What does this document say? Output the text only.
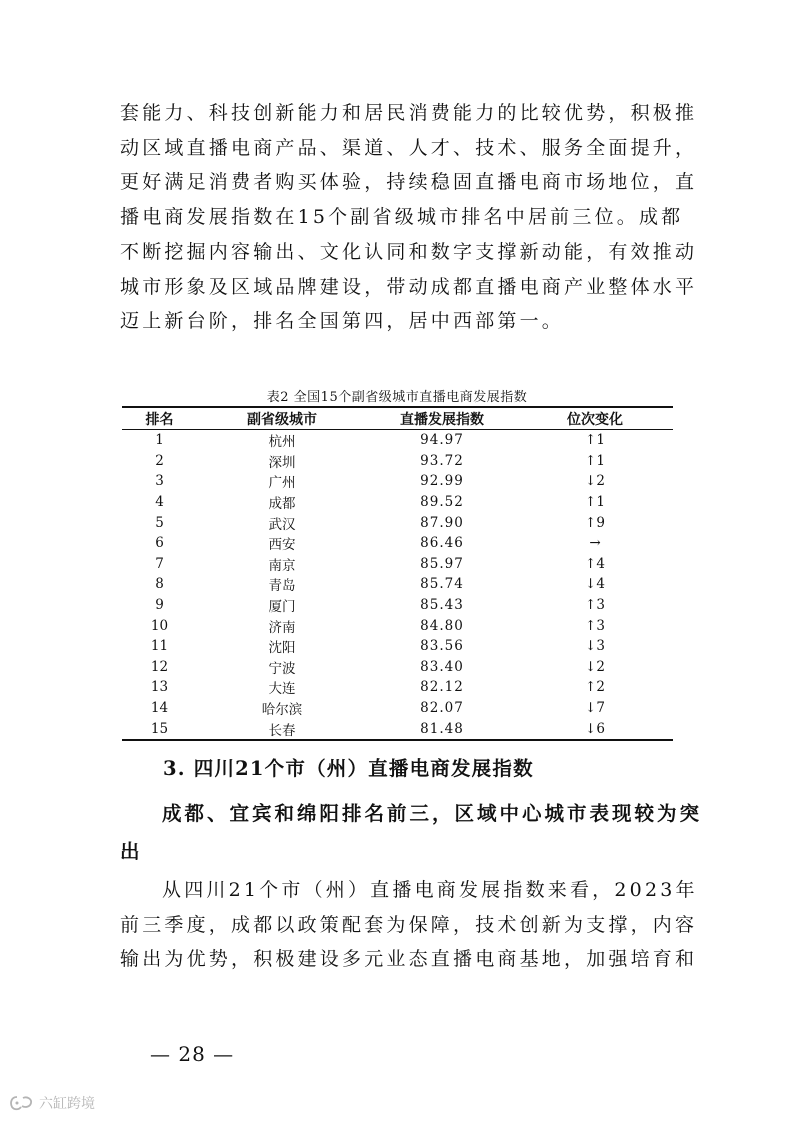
套能力、科技创新能力和居民消费能力的比较优势，积极推
动区域直播电商产品、渠道、人才、技术、服务全面提升，
更好满足消费者购买体验，持续稳固直播电商市场地位，直
播电商发展指数在15个副省级城市排名中居前三位。成都
不断挖掘内容输出、文化认同和数字支撑新动能，有效推动
城市形象及区域品牌建设，带动成都直播电商产业整体水平
迈上新台阶，排名全国第四，居中西部第一。

表2 全国15个副省级城市直播电商发展指数
排名	副省级城市	直播发展指数	位次变化
1	杭州	94.97	↑1
2	深圳	93.72	↑1
3	广州	92.99	↓2
4	成都	89.52	↑1
5	武汉	87.90	↑9
6	西安	86.46	→
7	南京	85.97	↑4
8	青岛	85.74	↓4
9	厦门	85.43	↑3
10	济南	84.80	↑3
11	沈阳	83.56	↓3
12	宁波	83.40	↓2
13	大连	82.12	↑2
14	哈尔滨	82.07	↓7
15	长春	81.48	↓6
3. 四川21个市（州）直播电商发展指数

成都、宜宾和绵阳排名前三，区域中心城市表现较为突
出

从四川21个市（州）直播电商发展指数来看，2023年
前三季度，成都以政策配套为保障，技术创新为支撑，内容
输出为优势，积极建设多元业态直播电商基地，加强培育和

— 28 —
六缸跨境
